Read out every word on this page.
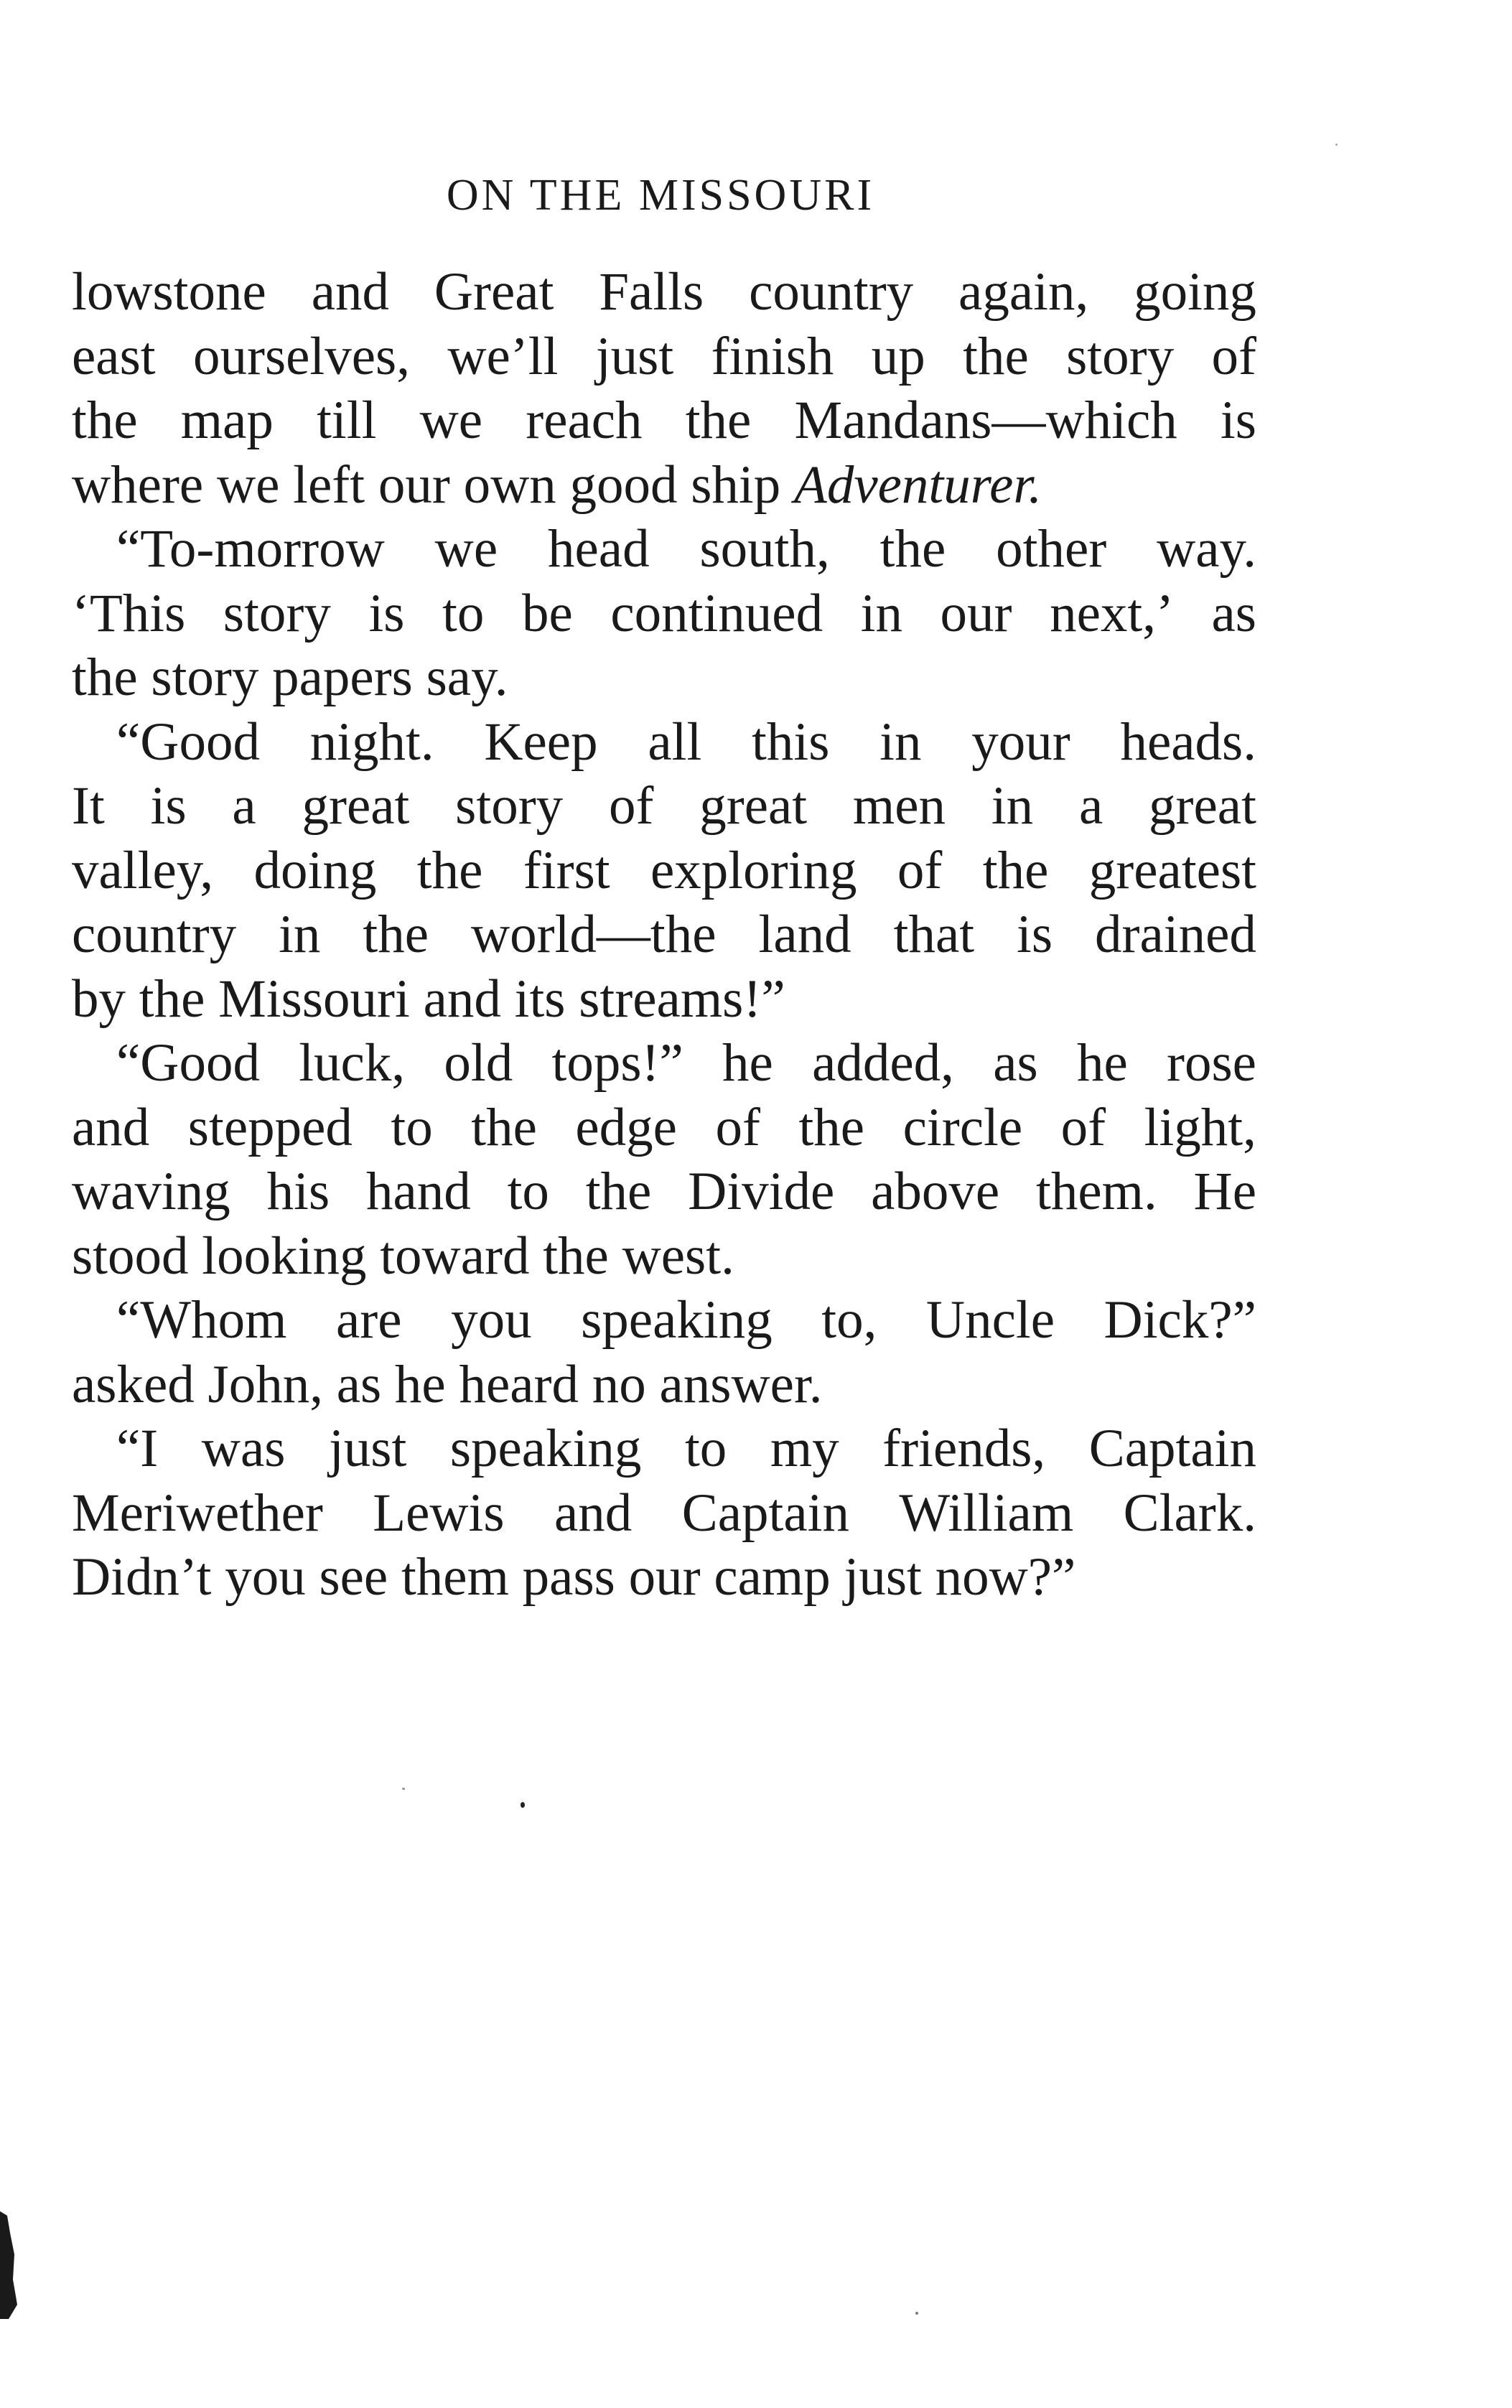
ON THE MISSOURI
lowstone and Great Falls country again, going
east ourselves, we’ll just finish up the story of
the map till we reach the Mandans—which is
where we left our own good ship Adventurer.
“To-morrow we head south, the other way.
‘This story is to be continued in our next,’ as
the story papers say.
“Good night. Keep all this in your heads.
It is a great story of great men in a great
valley, doing the first exploring of the greatest
country in the world—the land that is drained
by the Missouri and its streams!”
“Good luck, old tops!” he added, as he rose
and stepped to the edge of the circle of light,
waving his hand to the Divide above them. He
stood looking toward the west.
“Whom are you speaking to, Uncle Dick?”
asked John, as he heard no answer.
“I was just speaking to my friends, Captain
Meriwether Lewis and Captain William Clark.
Didn’t you see them pass our camp just now?”
